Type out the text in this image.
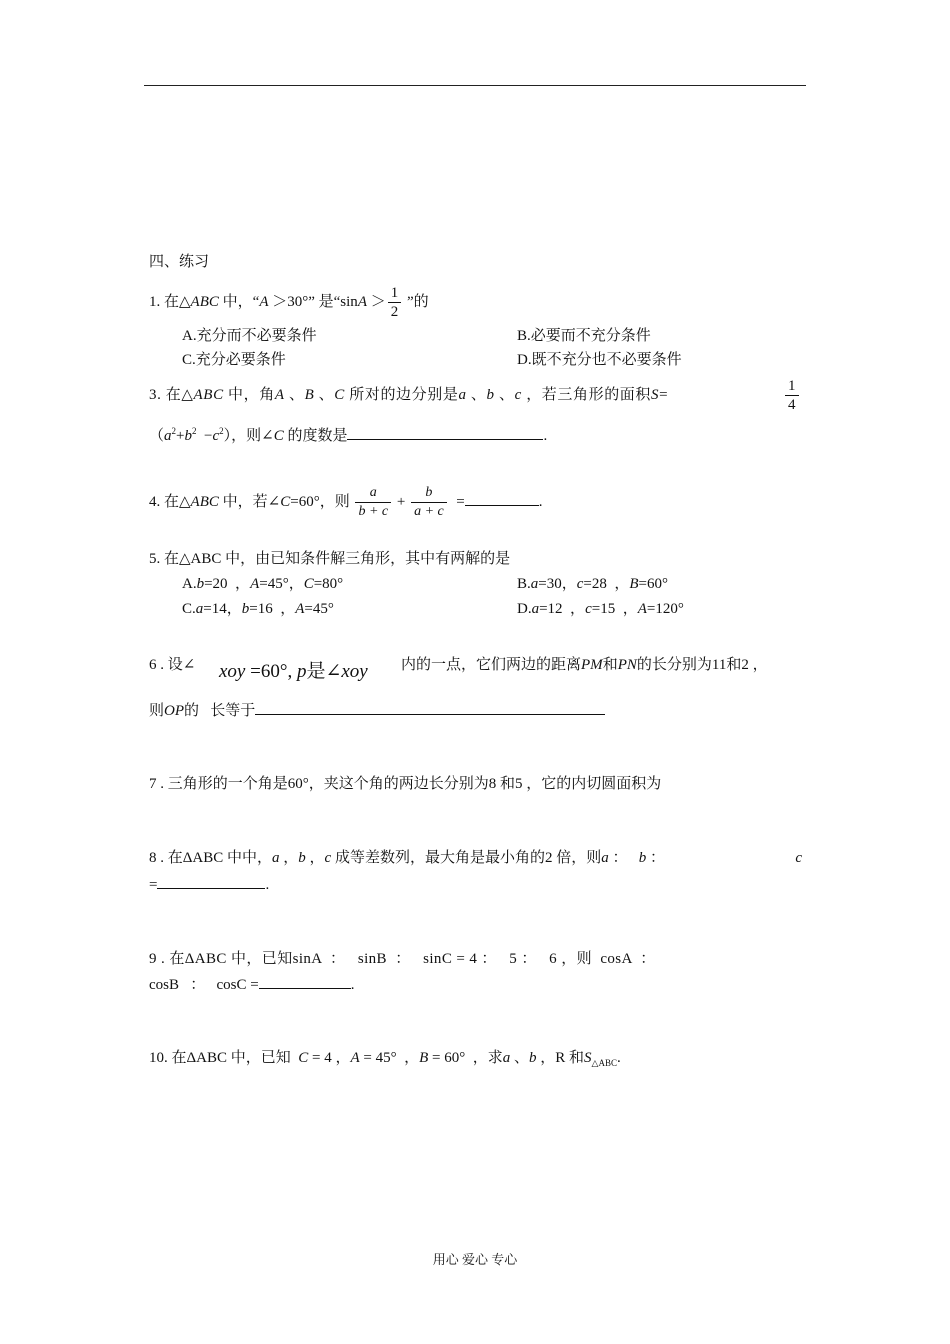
四、练习
1. 在△ABC 中，“A ＞30°” 是“$\sin A > \frac{1}{2}$ ”的
A.充分而不必要条件	B.必要而不充分条件
C.充分必要条件	D.既不充分也不必要条件
3. 在△ABC 中，角A 、B 、C 所对的边分别是a 、b 、c ，若三角形的面积S=	$\frac{1}{4}$
$(a^2+b^2 -c^2)$，则∠C 的度数是	.
4. 在△ABC 中，若∠C=60°，则 $\frac{a}{b + c} + \frac{b}{a + c}$ =	.
5. 在△ABC 中，由已知条件解三角形，其中有两解的是
A.b=20  ，A=45°，C=80°	B.a=30，c=28  ，B=60°
C.a=14，b=16  ，A=45°	D.a=12  ，c=15  ，A=120°
6 . 设∠ xoy =60°, p是∠xoy 内的一点，它们两边的距离PM和PN的长分别为11和2 ，
则OP的   长等于
7 . 三角形的一个角是60°，夹这个角的两边长分别为8 和5 ，它的内切圆面积为
8 . 在ΔABC 中中，a ，b ，c 成等差数列，最大角是最小角的2 倍，则a ：   b ：	c
=	.
9 . 在ΔABC 中，已知sinA  ：   sinB  ：   sinC = 4 ：   5 ：   6 ，则  cosA  ：
cosB   ：   cosC =	.
10. 在ΔABC 中，已知  C = 4 ，A = 45°  ，B = 60°  ，求a 、b ，R 和$S_{\triangle ABC}$.
用心 爱心 专心
